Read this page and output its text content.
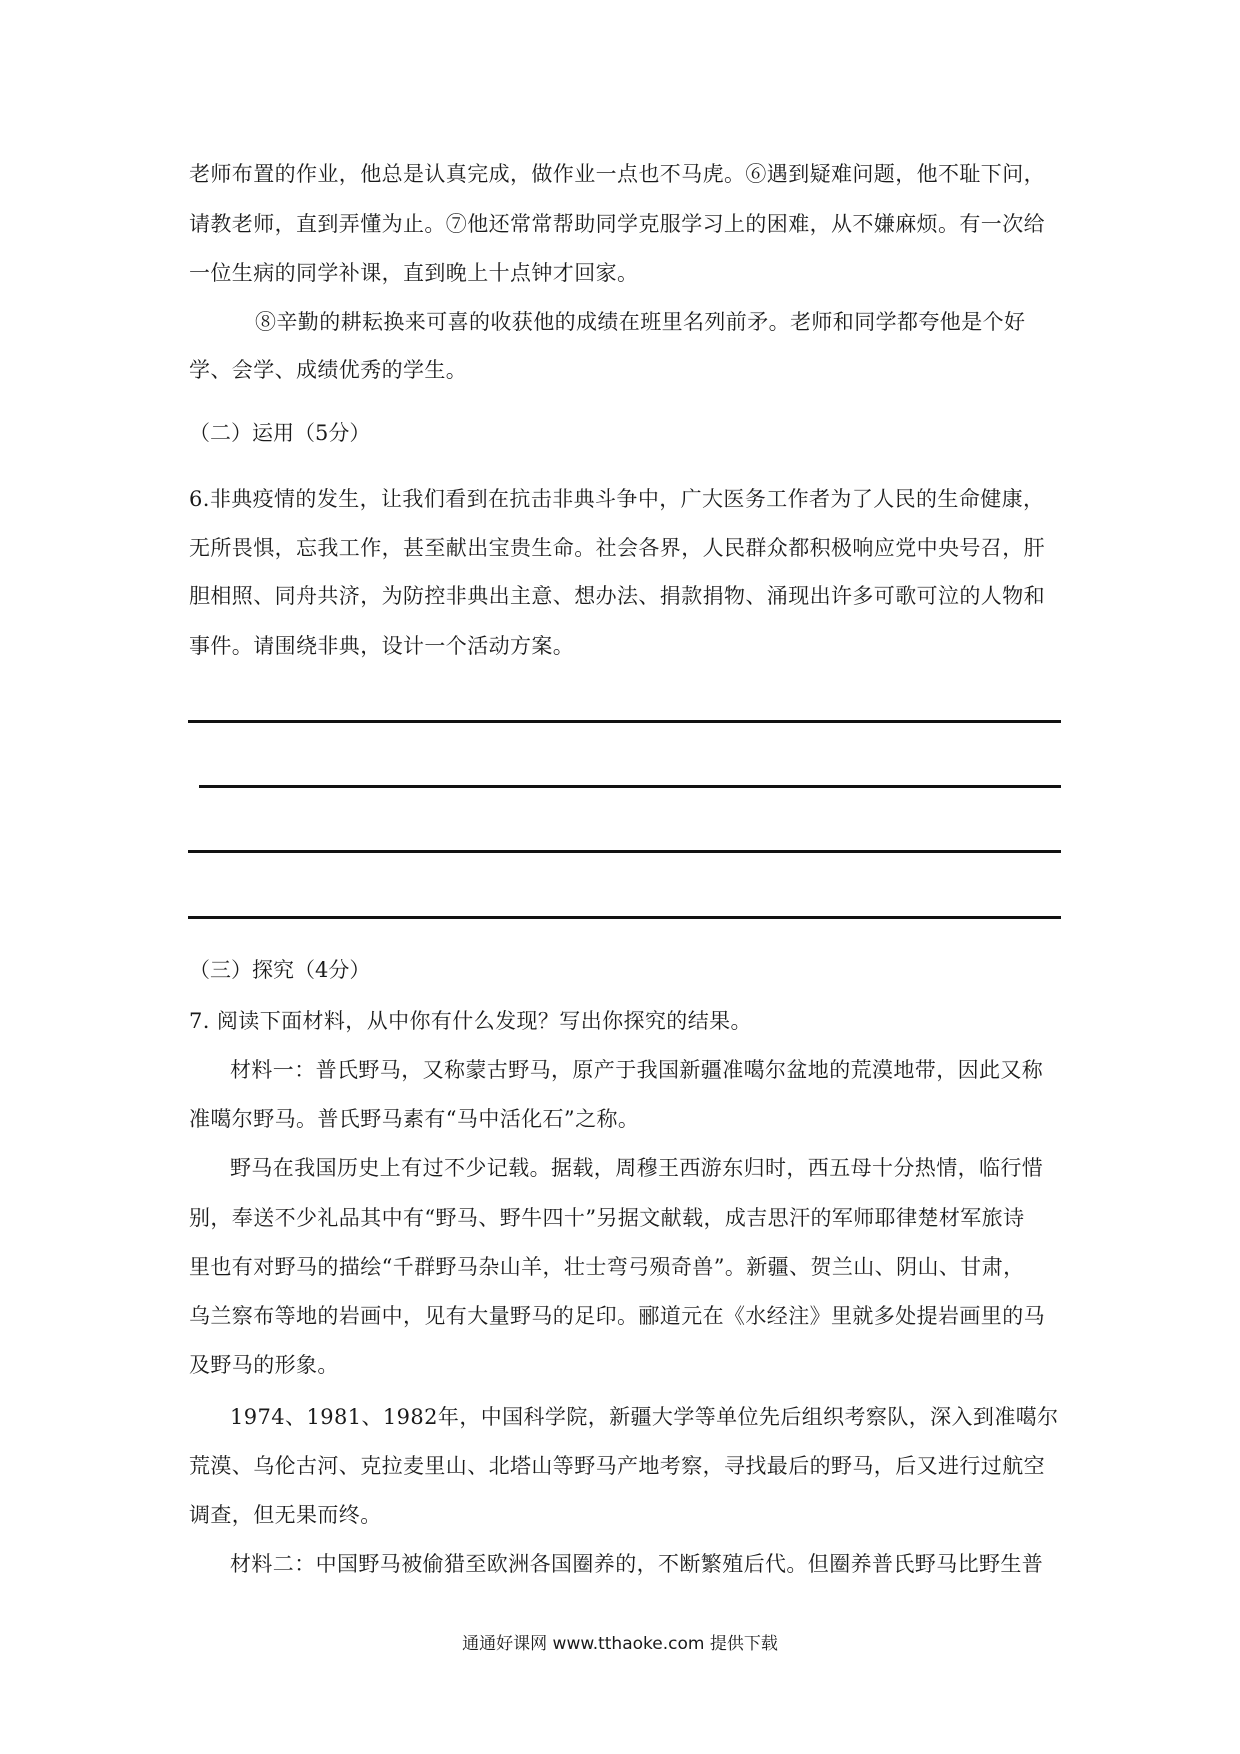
老师布置的作业，他总是认真完成，做作业一点也不马虎。⑥遇到疑难问题，他不耻下问，
请教老师，直到弄懂为止。⑦他还常常帮助同学克服学习上的困难，从不嫌麻烦。有一次给
一位生病的同学补课，直到晚上十点钟才回家。
⑧辛勤的耕耘换来可喜的收获他的成绩在班里名列前矛。老师和同学都夸他是个好
学、会学、成绩优秀的学生。
（二）运用（5分）
6.非典疫情的发生，让我们看到在抗击非典斗争中，广大医务工作者为了人民的生命健康，
无所畏惧，忘我工作，甚至献出宝贵生命。社会各界，人民群众都积极响应党中央号召，肝
胆相照、同舟共济，为防控非典出主意、想办法、捐款捐物、涌现出许多可歌可泣的人物和
事件。请围绕非典，设计一个活动方案。
（三）探究（4分）
7. 阅读下面材料，从中你有什么发现？写出你探究的结果。
材料一：普氏野马，又称蒙古野马，原产于我国新疆准噶尔盆地的荒漠地带，因此又称
准噶尔野马。普氏野马素有“马中活化石”之称。
野马在我国历史上有过不少记载。据载，周穆王西游东归时，西五母十分热情，临行惜
别，奉送不少礼品其中有“野马、野牛四十”另据文献载，成吉思汗的军师耶律楚材军旅诗
里也有对野马的描绘“千群野马杂山羊，壮士弯弓殒奇兽”。新疆、贺兰山、阴山、甘肃，
乌兰察布等地的岩画中，见有大量野马的足印。郦道元在《水经注》里就多处提岩画里的马
及野马的形象。
1974、1981、1982年，中国科学院，新疆大学等单位先后组织考察队，深入到准噶尔
荒漠、乌伦古河、克拉麦里山、北塔山等野马产地考察，寻找最后的野马，后又进行过航空
调查，但无果而终。
材料二：中国野马被偷猎至欧洲各国圈养的，不断繁殖后代。但圈养普氏野马比野生普
通通好课网 www.tthaoke.com 提供下载
